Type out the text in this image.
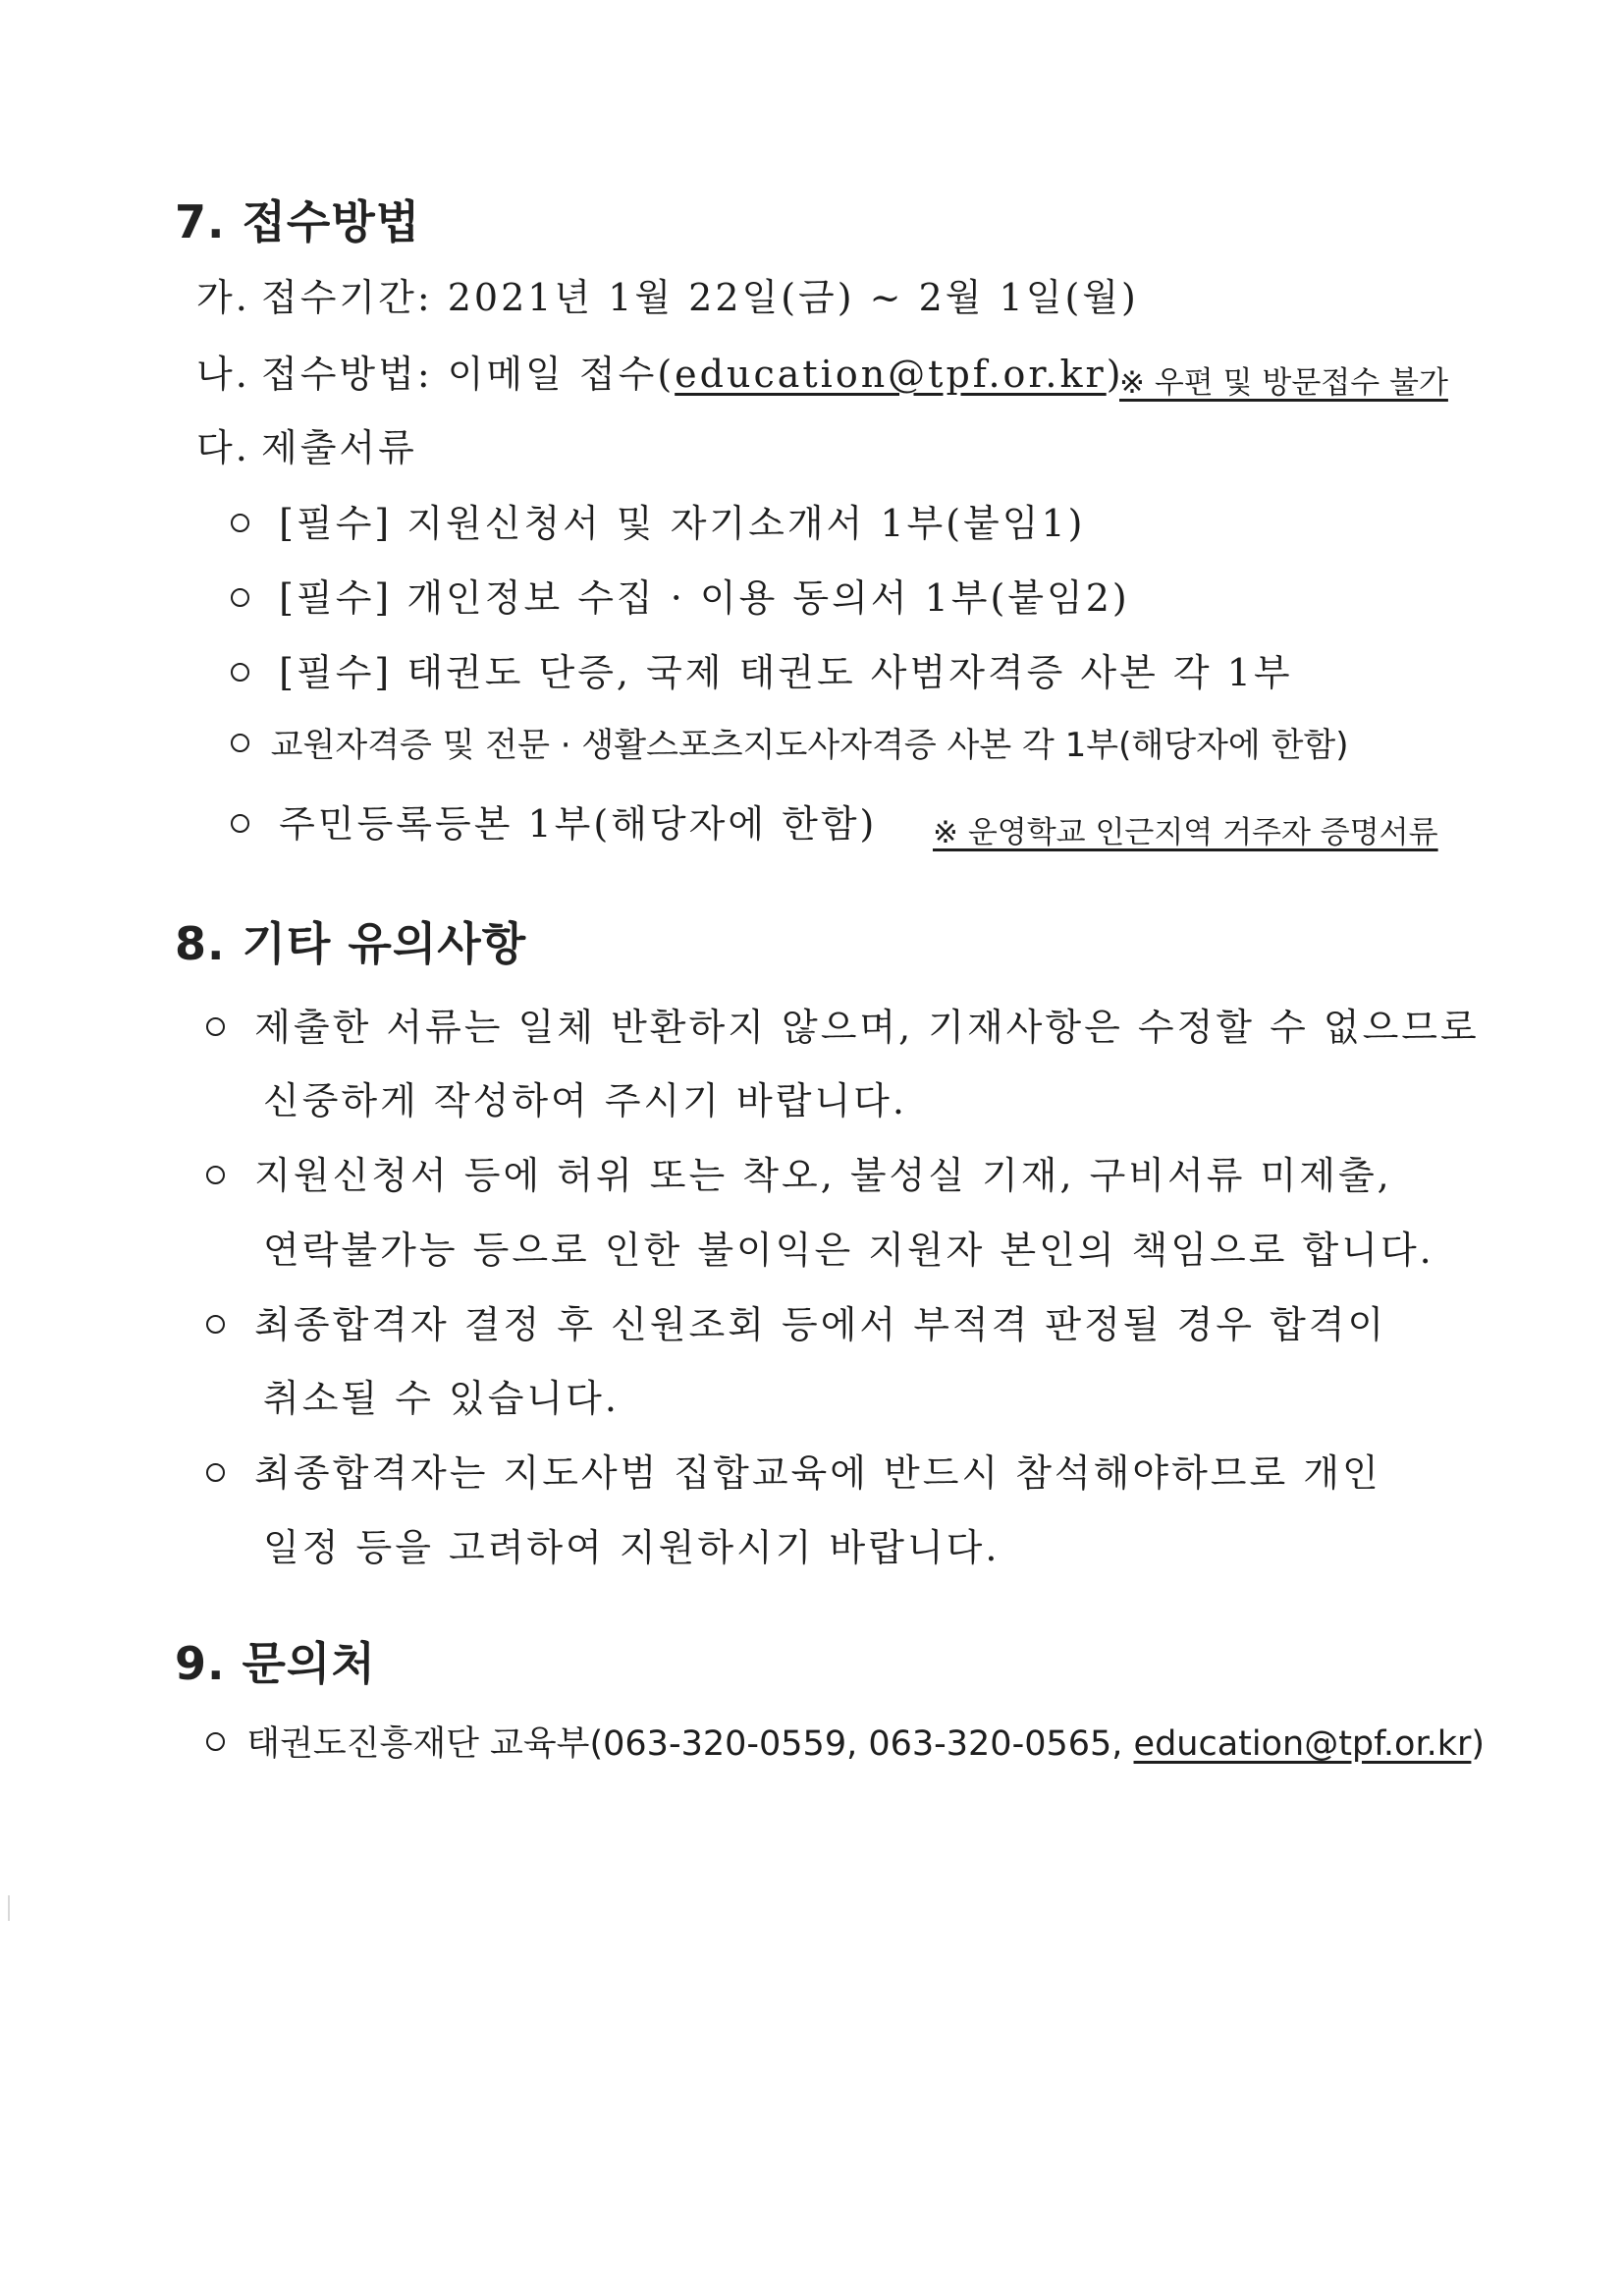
7. 접수방법
가. 접수기간: 2021년 1월 22일(금) ~ 2월 1일(월)
나. 접수방법: 이메일 접수(education@tpf.or.kr)
※ 우편 및 방문접수 불가
다. 제출서류
[필수] 지원신청서 및 자기소개서 1부(붙임1)
[필수] 개인정보 수집 · 이용 동의서 1부(붙임2)
[필수] 태권도 단증, 국제 태권도 사범자격증 사본 각 1부
교원자격증 및 전문 · 생활스포츠지도사자격증 사본 각 1부(해당자에 한함)
주민등록등본 1부(해당자에 한함) ※ 운영학교 인근지역 거주자 증명서류
8. 기타 유의사항
제출한 서류는 일체 반환하지 않으며, 기재사항은 수정할 수 없으므로
신중하게 작성하여 주시기 바랍니다.
지원신청서 등에 허위 또는 착오, 불성실 기재, 구비서류 미제출,
연락불가능 등으로 인한 불이익은 지원자 본인의 책임으로 합니다.
최종합격자 결정 후 신원조회 등에서 부적격 판정될 경우 합격이
취소될 수 있습니다.
최종합격자는 지도사범 집합교육에 반드시 참석해야하므로 개인
일정 등을 고려하여 지원하시기 바랍니다.
9. 문의처
태권도진흥재단 교육부(063-320-0559, 063-320-0565, education@tpf.or.kr)
